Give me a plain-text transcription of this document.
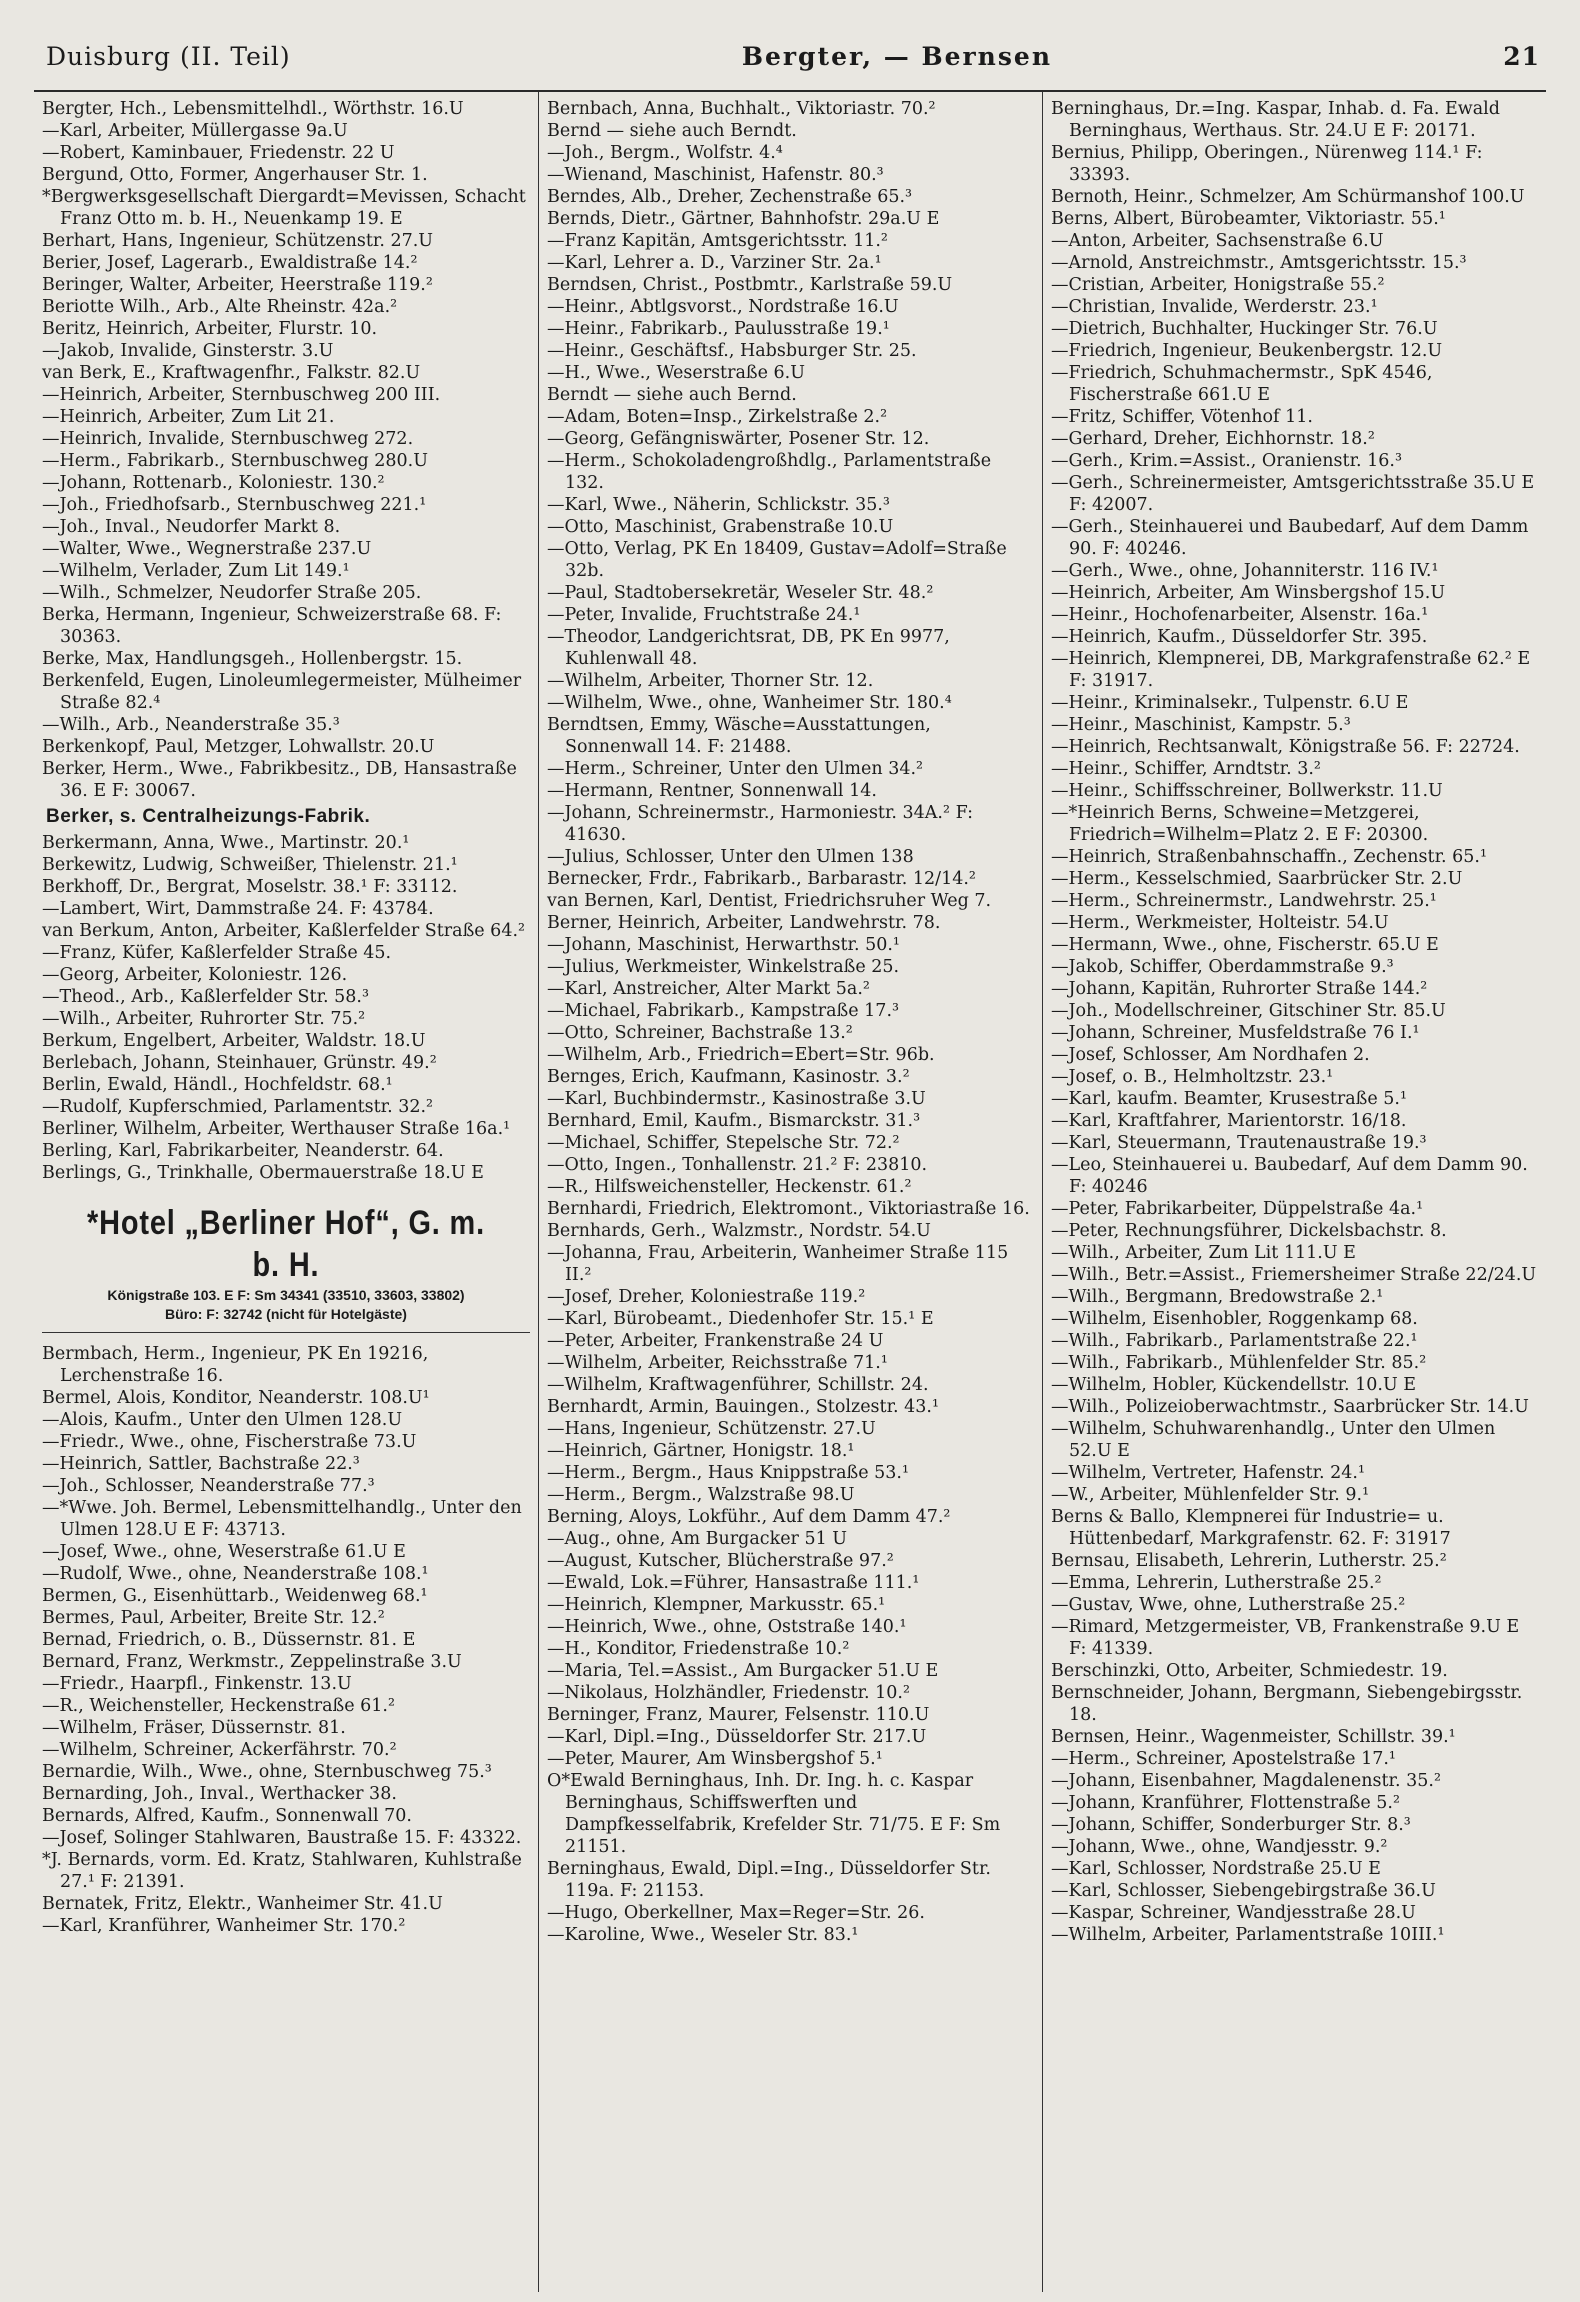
Duisburg (II. Teil)	Bergter, — Bernsen	21

Bergter, Hch., Lebensmittelhdl., Wörthstr. 16.U

—Karl, Arbeiter, Müllergasse 9a.U

—Robert, Kaminbauer, Friedenstr. 22 U

Bergund, Otto, Former, Angerhauser Str. 1.

*Bergwerksgesellschaft Diergardt=Mevissen, Schacht Franz Otto m. b. H., Neuenkamp 19. E

Berhart, Hans, Ingenieur, Schützenstr. 27.U

Berier, Josef, Lagerarb., Ewaldistraße 14.²

Beringer, Walter, Arbeiter, Heerstraße 119.²

Beriotte Wilh., Arb., Alte Rheinstr. 42a.²

Beritz, Heinrich, Arbeiter, Flurstr. 10.

—Jakob, Invalide, Ginsterstr. 3.U

van Berk, E., Kraftwagenfhr., Falkstr. 82.U

—Heinrich, Arbeiter, Sternbuschweg 200 III.

—Heinrich, Arbeiter, Zum Lit 21.

—Heinrich, Invalide, Sternbuschweg 272.

—Herm., Fabrikarb., Sternbuschweg 280.U

—Johann, Rottenarb., Koloniestr. 130.²

—Joh., Friedhofsarb., Sternbuschweg 221.¹

—Joh., Inval., Neudorfer Markt 8.

—Walter, Wwe., Wegnerstraße 237.U

—Wilhelm, Verlader, Zum Lit 149.¹

—Wilh., Schmelzer, Neudorfer Straße 205.

Berka, Hermann, Ingenieur, Schweizerstraße 68. F: 30363.

Berke, Max, Handlungsgeh., Hollenbergstr. 15.

Berkenfeld, Eugen, Linoleumlegermeister, Mülheimer Straße 82.⁴

—Wilh., Arb., Neanderstraße 35.³

Berkenkopf, Paul, Metzger, Lohwallstr. 20.U

Berker, Herm., Wwe., Fabrikbesitz., DB, Hansastraße 36. E F: 30067.

Berker, s. Centralheizungs-Fabrik.

Berkermann, Anna, Wwe., Martinstr. 20.¹

Berkewitz, Ludwig, Schweißer, Thielenstr. 21.¹

Berkhoff, Dr., Bergrat, Moselstr. 38.¹ F: 33112.

—Lambert, Wirt, Dammstraße 24. F: 43784.

van Berkum, Anton, Arbeiter, Kaßlerfelder Straße 64.²

—Franz, Küfer, Kaßlerfelder Straße 45.

—Georg, Arbeiter, Koloniestr. 126.

—Theod., Arb., Kaßlerfelder Str. 58.³

—Wilh., Arbeiter, Ruhrorter Str. 75.²

Berkum, Engelbert, Arbeiter, Waldstr. 18.U

Berlebach, Johann, Steinhauer, Grünstr. 49.²

Berlin, Ewald, Händl., Hochfeldstr. 68.¹

—Rudolf, Kupferschmied, Parlamentstr. 32.²

Berliner, Wilhelm, Arbeiter, Werthauser Straße 16a.¹

Berling, Karl, Fabrikarbeiter, Neanderstr. 64.

Berlings, G., Trinkhalle, Obermauerstraße 18.U E

*Hotel „Berliner Hof“, G. m. b. H.
Königstraße 103. E F: Sm 34341 (33510, 33603, 33802)
Büro: F: 32742 (nicht für Hotelgäste)

Bermbach, Herm., Ingenieur, PK En 19216, Lerchenstraße 16.

Bermel, Alois, Konditor, Neanderstr. 108.U¹

—Alois, Kaufm., Unter den Ulmen 128.U

—Friedr., Wwe., ohne, Fischerstraße 73.U

—Heinrich, Sattler, Bachstraße 22.³

—Joh., Schlosser, Neanderstraße 77.³

—*Wwe. Joh. Bermel, Lebensmittelhandlg., Unter den Ulmen 128.U E F: 43713.

—Josef, Wwe., ohne, Weserstraße 61.U E

—Rudolf, Wwe., ohne, Neanderstraße 108.¹

Bermen, G., Eisenhüttarb., Weidenweg 68.¹

Bermes, Paul, Arbeiter, Breite Str. 12.²

Bernad, Friedrich, o. B., Düssernstr. 81. E

Bernard, Franz, Werkmstr., Zeppelinstraße 3.U

—Friedr., Haarpfl., Finkenstr. 13.U

—R., Weichensteller, Heckenstraße 61.²

—Wilhelm, Fräser, Düssernstr. 81.

—Wilhelm, Schreiner, Ackerfährstr. 70.²

Bernardie, Wilh., Wwe., ohne, Sternbuschweg 75.³

Bernarding, Joh., Inval., Werthacker 38.

Bernards, Alfred, Kaufm., Sonnenwall 70.

—Josef, Solinger Stahlwaren, Baustraße 15. F: 43322.

*J. Bernards, vorm. Ed. Kratz, Stahlwaren, Kuhlstraße 27.¹ F: 21391.

Bernatek, Fritz, Elektr., Wanheimer Str. 41.U

—Karl, Kranführer, Wanheimer Str. 170.²

Bernbach, Anna, Buchhalt., Viktoriastr. 70.²

Bernd — siehe auch Berndt.

—Joh., Bergm., Wolfstr. 4.⁴

—Wienand, Maschinist, Hafenstr. 80.³

Berndes, Alb., Dreher, Zechenstraße 65.³

Bernds, Dietr., Gärtner, Bahnhofstr. 29a.U E

—Franz Kapitän, Amtsgerichtsstr. 11.²

—Karl, Lehrer a. D., Varziner Str. 2a.¹

Berndsen, Christ., Postbmtr., Karlstraße 59.U

—Heinr., Abtlgsvorst., Nordstraße 16.U

—Heinr., Fabrikarb., Paulusstraße 19.¹

—Heinr., Geschäftsf., Habsburger Str. 25.

—H., Wwe., Weserstraße 6.U

Berndt — siehe auch Bernd.

—Adam, Boten=Insp., Zirkelstraße 2.²

—Georg, Gefängniswärter, Posener Str. 12.

—Herm., Schokoladengroßhdlg., Parlamentstraße 132.

—Karl, Wwe., Näherin, Schlickstr. 35.³

—Otto, Maschinist, Grabenstraße 10.U

—Otto, Verlag, PK En 18409, Gustav=Adolf=Straße 32b.

—Paul, Stadtobersekretär, Weseler Str. 48.²

—Peter, Invalide, Fruchtstraße 24.¹

—Theodor, Landgerichtsrat, DB, PK En 9977, Kuhlenwall 48.

—Wilhelm, Arbeiter, Thorner Str. 12.

—Wilhelm, Wwe., ohne, Wanheimer Str. 180.⁴

Berndtsen, Emmy, Wäsche=Ausstattungen, Sonnenwall 14. F: 21488.

—Herm., Schreiner, Unter den Ulmen 34.²

—Hermann, Rentner, Sonnenwall 14.

—Johann, Schreinermstr., Harmoniestr. 34A.² F: 41630.

—Julius, Schlosser, Unter den Ulmen 138

Bernecker, Frdr., Fabrikarb., Barbarastr. 12/14.²

van Bernen, Karl, Dentist, Friedrichsruher Weg 7.

Berner, Heinrich, Arbeiter, Landwehrstr. 78.

—Johann, Maschinist, Herwarthstr. 50.¹

—Julius, Werkmeister, Winkelstraße 25.

—Karl, Anstreicher, Alter Markt 5a.²

—Michael, Fabrikarb., Kampstraße 17.³

—Otto, Schreiner, Bachstraße 13.²

—Wilhelm, Arb., Friedrich=Ebert=Str. 96b.

Bernges, Erich, Kaufmann, Kasinostr. 3.²

—Karl, Buchbindermstr., Kasinostraße 3.U

Bernhard, Emil, Kaufm., Bismarckstr. 31.³

—Michael, Schiffer, Stepelsche Str. 72.²

—Otto, Ingen., Tonhallenstr. 21.² F: 23810.

—R., Hilfsweichensteller, Heckenstr. 61.²

Bernhardi, Friedrich, Elektromont., Viktoriastraße 16.

Bernhards, Gerh., Walzmstr., Nordstr. 54.U

—Johanna, Frau, Arbeiterin, Wanheimer Straße 115 II.²

—Josef, Dreher, Koloniestraße 119.²

—Karl, Bürobeamt., Diedenhofer Str. 15.¹ E

—Peter, Arbeiter, Frankenstraße 24 U

—Wilhelm, Arbeiter, Reichsstraße 71.¹

—Wilhelm, Kraftwagenführer, Schillstr. 24.

Bernhardt, Armin, Bauingen., Stolzestr. 43.¹

—Hans, Ingenieur, Schützenstr. 27.U

—Heinrich, Gärtner, Honigstr. 18.¹

—Herm., Bergm., Haus Knippstraße 53.¹

—Herm., Bergm., Walzstraße 98.U

Berning, Aloys, Lokführ., Auf dem Damm 47.²

—Aug., ohne, Am Burgacker 51 U

—August, Kutscher, Blücherstraße 97.²

—Ewald, Lok.=Führer, Hansastraße 111.¹

—Heinrich, Klempner, Markusstr. 65.¹

—Heinrich, Wwe., ohne, Oststraße 140.¹

—H., Konditor, Friedenstraße 10.²

—Maria, Tel.=Assist., Am Burgacker 51.U E

—Nikolaus, Holzhändler, Friedenstr. 10.²

Berninger, Franz, Maurer, Felsenstr. 110.U

—Karl, Dipl.=Ing., Düsseldorfer Str. 217.U

—Peter, Maurer, Am Winsbergshof 5.¹

O*Ewald Berninghaus, Inh. Dr. Ing. h. c. Kaspar Berninghaus, Schiffswerften und Dampfkesselfabrik, Krefelder Str. 71/75. E F: Sm 21151.

Berninghaus, Ewald, Dipl.=Ing., Düsseldorfer Str. 119a. F: 21153.

—Hugo, Oberkellner, Max=Reger=Str. 26.

—Karoline, Wwe., Weseler Str. 83.¹

Berninghaus, Dr.=Ing. Kaspar, Inhab. d. Fa. Ewald Berninghaus, Werthaus. Str. 24.U E F: 20171.

Bernius, Philipp, Oberingen., Nürenweg 114.¹ F: 33393.

Bernoth, Heinr., Schmelzer, Am Schürmanshof 100.U

Berns, Albert, Bürobeamter, Viktoriastr. 55.¹

—Anton, Arbeiter, Sachsenstraße 6.U

—Arnold, Anstreichmstr., Amtsgerichtsstr. 15.³

—Cristian, Arbeiter, Honigstraße 55.²

—Christian, Invalide, Werderstr. 23.¹

—Dietrich, Buchhalter, Huckinger Str. 76.U

—Friedrich, Ingenieur, Beukenbergstr. 12.U

—Friedrich, Schuhmachermstr., SpK 4546, Fischerstraße 661.U E

—Fritz, Schiffer, Vötenhof 11.

—Gerhard, Dreher, Eichhornstr. 18.²

—Gerh., Krim.=Assist., Oranienstr. 16.³

—Gerh., Schreinermeister, Amtsgerichtsstraße 35.U E F: 42007.

—Gerh., Steinhauerei und Baubedarf, Auf dem Damm 90. F: 40246.

—Gerh., Wwe., ohne, Johanniterstr. 116 IV.¹

—Heinrich, Arbeiter, Am Winsbergshof 15.U

—Heinr., Hochofenarbeiter, Alsenstr. 16a.¹

—Heinrich, Kaufm., Düsseldorfer Str. 395.

—Heinrich, Klempnerei, DB, Markgrafenstraße 62.² E F: 31917.

—Heinr., Kriminalsekr., Tulpenstr. 6.U E

—Heinr., Maschinist, Kampstr. 5.³

—Heinrich, Rechtsanwalt, Königstraße 56. F: 22724.

—Heinr., Schiffer, Arndtstr. 3.²

—Heinr., Schiffsschreiner, Bollwerkstr. 11.U

—*Heinrich Berns, Schweine=Metzgerei, Friedrich=Wilhelm=Platz 2. E F: 20300.

—Heinrich, Straßenbahnschaffn., Zechenstr. 65.¹

—Herm., Kesselschmied, Saarbrücker Str. 2.U

—Herm., Schreinermstr., Landwehrstr. 25.¹

—Herm., Werkmeister, Holteistr. 54.U

—Hermann, Wwe., ohne, Fischerstr. 65.U E

—Jakob, Schiffer, Oberdammstraße 9.³

—Johann, Kapitän, Ruhrorter Straße 144.²

—Joh., Modellschreiner, Gitschiner Str. 85.U

—Johann, Schreiner, Musfeldstraße 76 I.¹

—Josef, Schlosser, Am Nordhafen 2.

—Josef, o. B., Helmholtzstr. 23.¹

—Karl, kaufm. Beamter, Krusestraße 5.¹

—Karl, Kraftfahrer, Marientorstr. 16/18.

—Karl, Steuermann, Trautenaustraße 19.³

—Leo, Steinhauerei u. Baubedarf, Auf dem Damm 90. F: 40246

—Peter, Fabrikarbeiter, Düppelstraße 4a.¹

—Peter, Rechnungsführer, Dickelsbachstr. 8.

—Wilh., Arbeiter, Zum Lit 111.U E

—Wilh., Betr.=Assist., Friemersheimer Straße 22/24.U

—Wilh., Bergmann, Bredowstraße 2.¹

—Wilhelm, Eisenhobler, Roggenkamp 68.

—Wilh., Fabrikarb., Parlamentstraße 22.¹

—Wilh., Fabrikarb., Mühlenfelder Str. 85.²

—Wilhelm, Hobler, Kückendellstr. 10.U E

—Wilh., Polizeioberwachtmstr., Saarbrücker Str. 14.U

—Wilhelm, Schuhwarenhandlg., Unter den Ulmen 52.U E

—Wilhelm, Vertreter, Hafenstr. 24.¹

—W., Arbeiter, Mühlenfelder Str. 9.¹

Berns & Ballo, Klempnerei für Industrie= u. Hüttenbedarf, Markgrafenstr. 62. F: 31917

Bernsau, Elisabeth, Lehrerin, Lutherstr. 25.²

—Emma, Lehrerin, Lutherstraße 25.²

—Gustav, Wwe, ohne, Lutherstraße 25.²

—Rimard, Metzgermeister, VB, Frankenstraße 9.U E F: 41339.

Berschinzki, Otto, Arbeiter, Schmiedestr. 19.

Bernschneider, Johann, Bergmann, Siebengebirgsstr. 18.

Bernsen, Heinr., Wagenmeister, Schillstr. 39.¹

—Herm., Schreiner, Apostelstraße 17.¹

—Johann, Eisenbahner, Magdalenenstr. 35.²

—Johann, Kranführer, Flottenstraße 5.²

—Johann, Schiffer, Sonderburger Str. 8.³

—Johann, Wwe., ohne, Wandjesstr. 9.²

—Karl, Schlosser, Nordstraße 25.U E

—Karl, Schlosser, Siebengebirgstraße 36.U

—Kaspar, Schreiner, Wandjesstraße 28.U

—Wilhelm, Arbeiter, Parlamentstraße 10III.¹
